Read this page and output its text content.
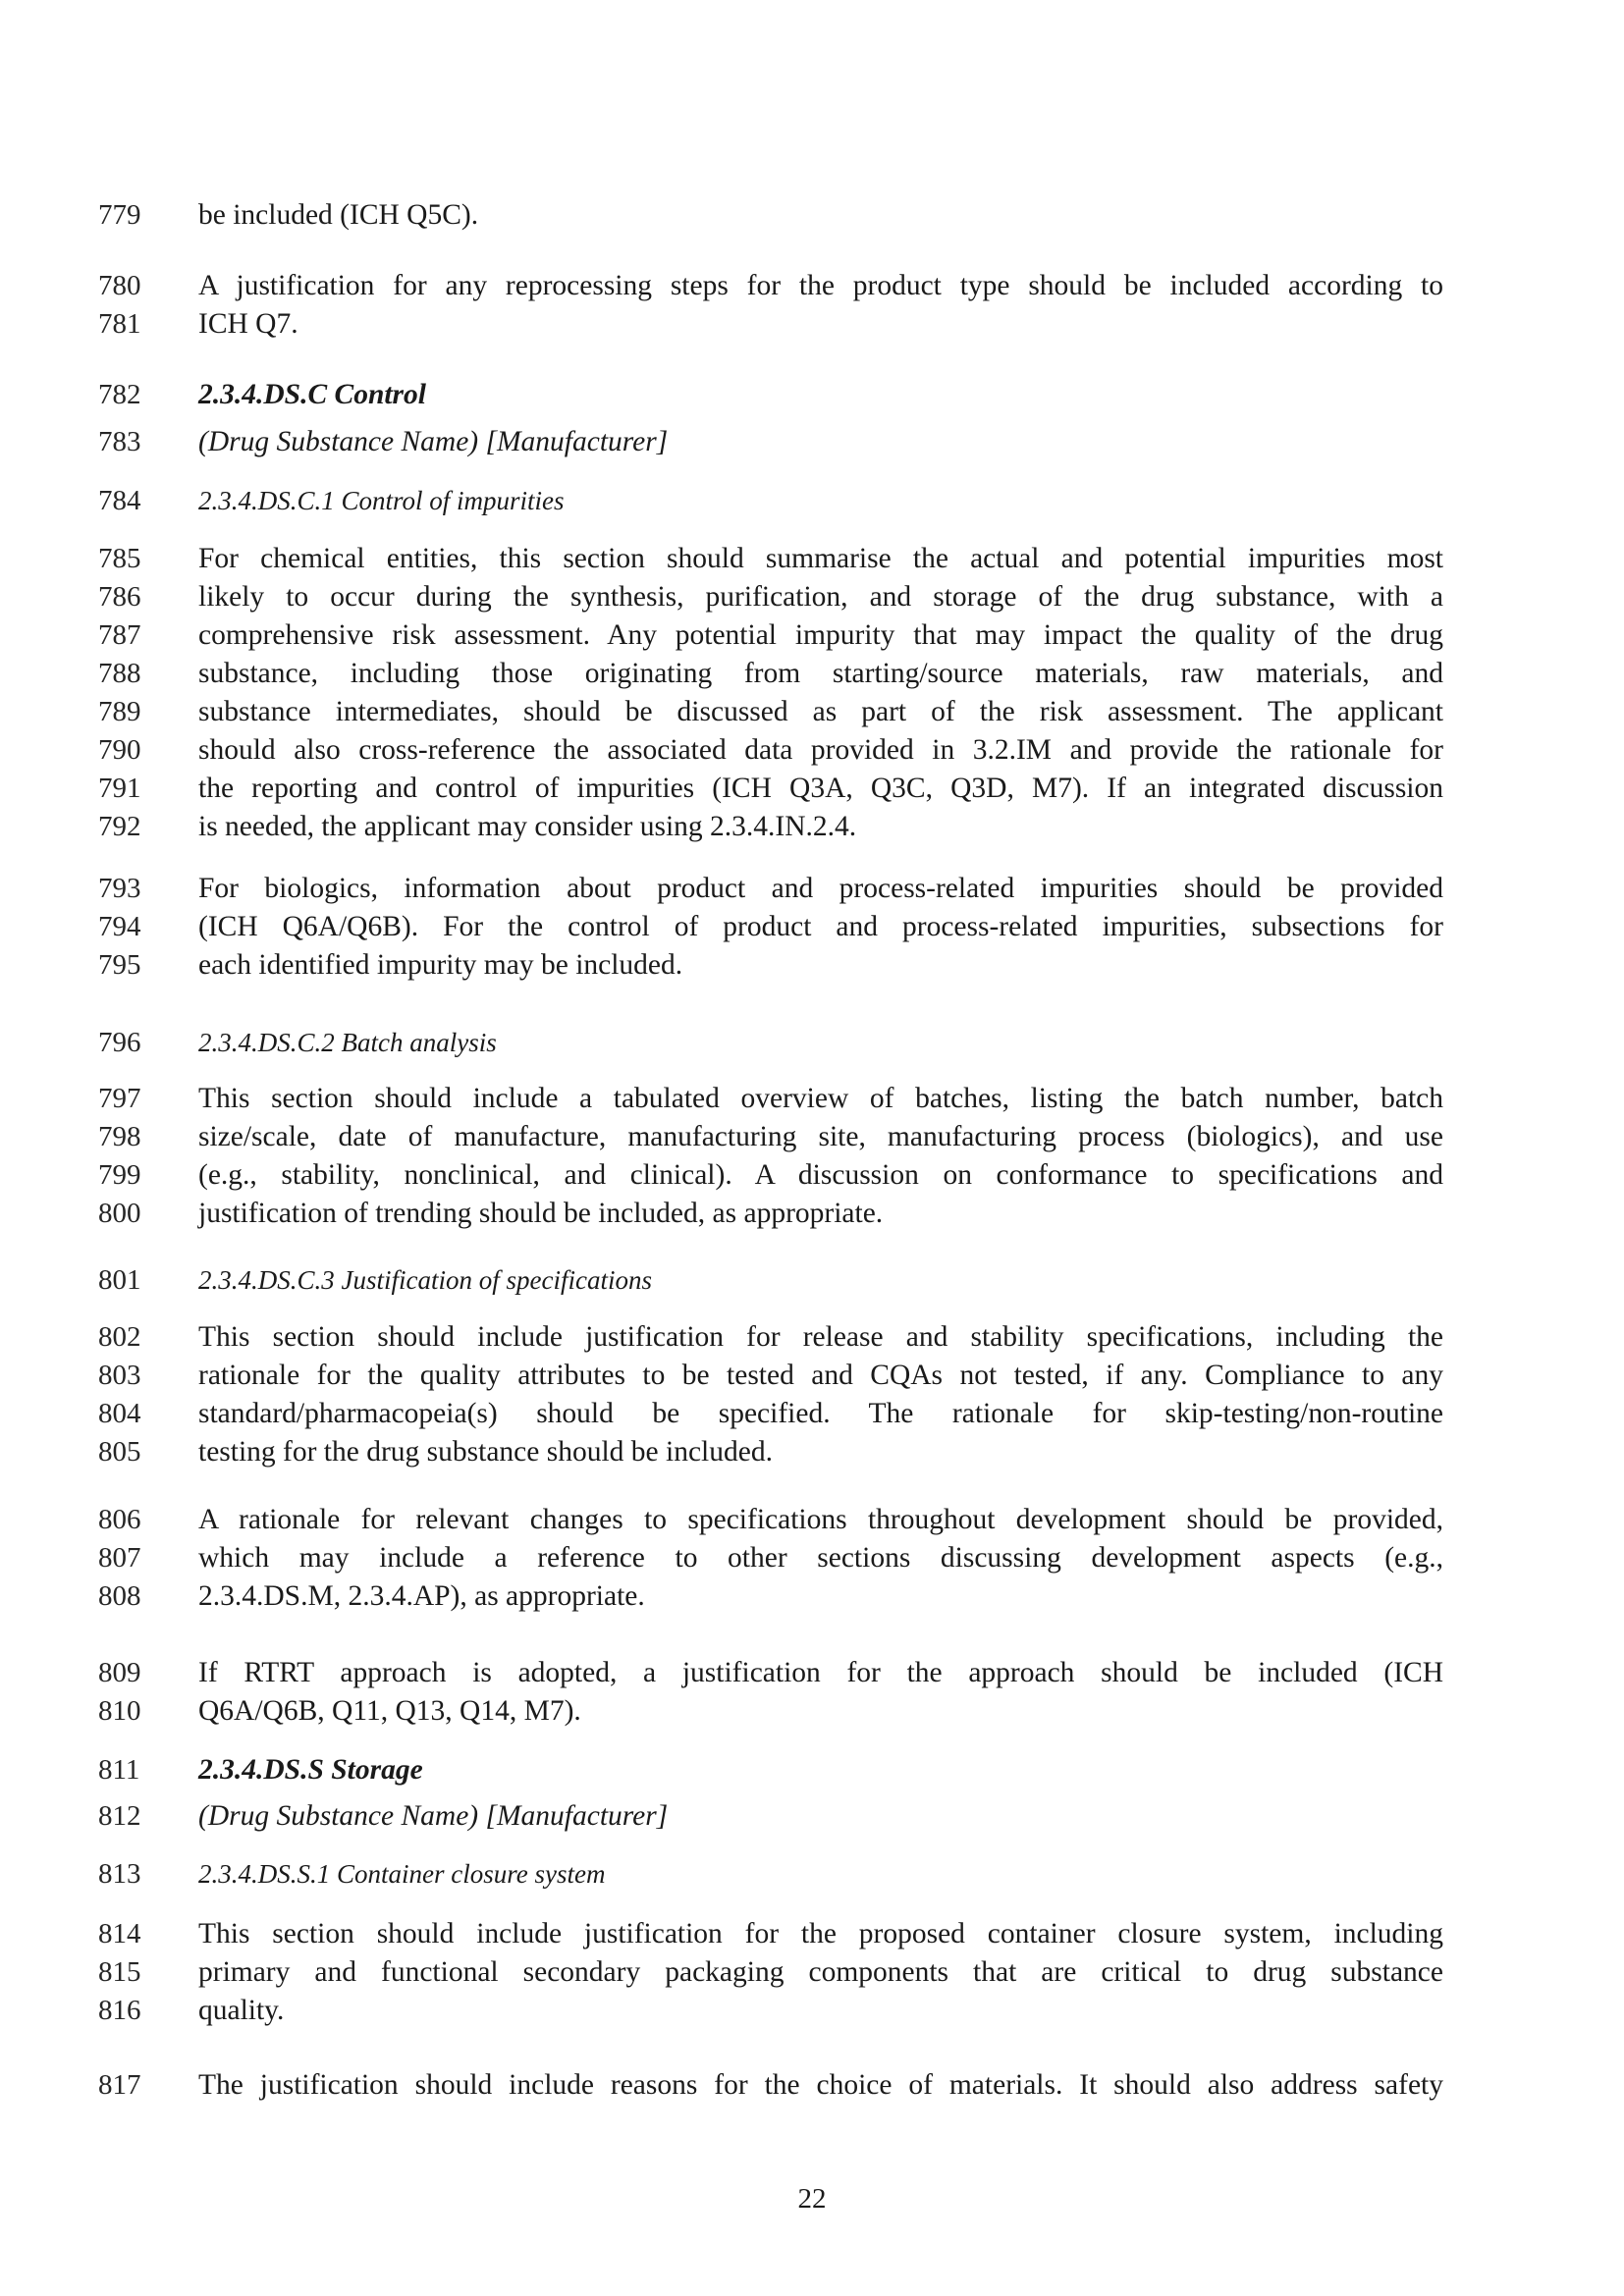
779 be included (ICH Q5C).
780 A justification for any reprocessing steps for the product type should be included according to
781 ICH Q7.
782 2.3.4.DS.C Control
783 (Drug Substance Name) [Manufacturer]
784	2.3.4.DS.C.1 Control of impurities
785 For chemical entities, this section should summarise the actual and potential impurities most
786 likely to occur during the synthesis, purification, and storage of the drug substance, with a
787 comprehensive risk assessment. Any potential impurity that may impact the quality of the drug
788 substance, including those originating from starting/source materials, raw materials, and
789 substance intermediates, should be discussed as part of the risk assessment. The applicant
790 should also cross-reference the associated data provided in 3.2.IM and provide the rationale for
791 the reporting and control of impurities (ICH Q3A, Q3C, Q3D, M7). If an integrated discussion
792 is needed, the applicant may consider using 2.3.4.IN.2.4.
793 For biologics, information about product and process-related impurities should be provided
794 (ICH Q6A/Q6B). For the control of product and process-related impurities, subsections for
795 each identified impurity may be included.
796	2.3.4.DS.C.2 Batch analysis
797 This section should include a tabulated overview of batches, listing the batch number, batch
798 size/scale, date of manufacture, manufacturing site, manufacturing process (biologics), and use
799 (e.g., stability, nonclinical, and clinical). A discussion on conformance to specifications and
800 justification of trending should be included, as appropriate.
801	2.3.4.DS.C.3 Justification of specifications
802 This section should include justification for release and stability specifications, including the
803 rationale for the quality attributes to be tested and CQAs not tested, if any. Compliance to any
804 standard/pharmacopeia(s) should be specified. The rationale for skip-testing/non-routine
805 testing for the drug substance should be included.
806 A rationale for relevant changes to specifications throughout development should be provided,
807 which may include a reference to other sections discussing development aspects (e.g.,
808 2.3.4.DS.M, 2.3.4.AP), as appropriate.
809 If RTRT approach is adopted, a justification for the approach should be included (ICH
810 Q6A/Q6B, Q11, Q13, Q14, M7).
811	2.3.4.DS.S Storage
812 (Drug Substance Name) [Manufacturer]
813	2.3.4.DS.S.1 Container closure system
814 This section should include justification for the proposed container closure system, including
815 primary and functional secondary packaging components that are critical to drug substance
816 quality.
817 The justification should include reasons for the choice of materials. It should also address safety
22
